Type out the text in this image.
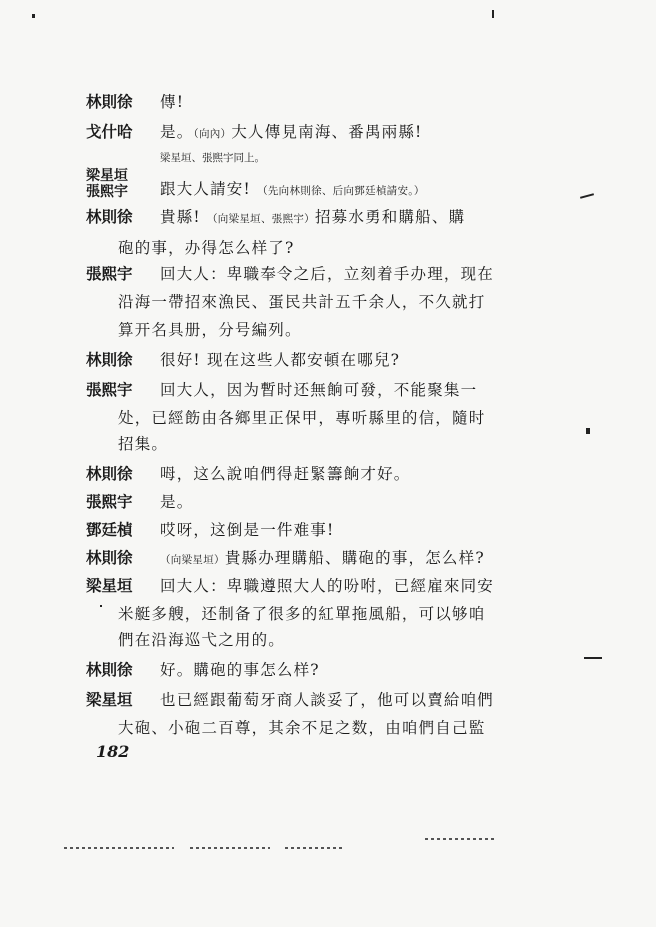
林則徐 傳!
戈什哈 是。（向內）大人傳見南海、番禺兩縣!
梁星垣、張熙宇同上。
梁星垣
張熙宇 跟大人請安! （先向林則徐、后向鄧廷楨請安。）
林則徐 貴縣! （向梁星垣、張熙宇）招募水勇和購船、購
砲的事，办得怎么样了?
張熙宇 回大人：卑職奉令之后，立刻着手办理，现在
沿海一帶招來漁民、蛋民共計五千余人，不久就打
算开名具册，分号編列。
林則徐 很好! 现在这些人都安頓在哪兒?
張熙宇 回大人，因为暫时还無餉可發，不能聚集一
处，已經飭由各鄉里正保甲，專听縣里的信，隨时
招集。
林則徐 呣，这么說咱們得赶緊籌餉才好。
張熙宇 是。
鄧廷楨 哎呀，这倒是一件难事!
林則徐	（向梁星垣）貴縣办理購船、購砲的事，怎么样?
梁星垣 回大人：卑職遵照大人的吩咐，已經雇來同安
米艇多艘，还制备了很多的紅單拖風船，可以够咱
們在沿海巡弋之用的。
林則徐 好。購砲的事怎么样?
梁星垣 也已經跟葡萄牙商人談妥了，他可以賣給咱們
大砲、小砲二百尊，其余不足之数，由咱們自己監
182
